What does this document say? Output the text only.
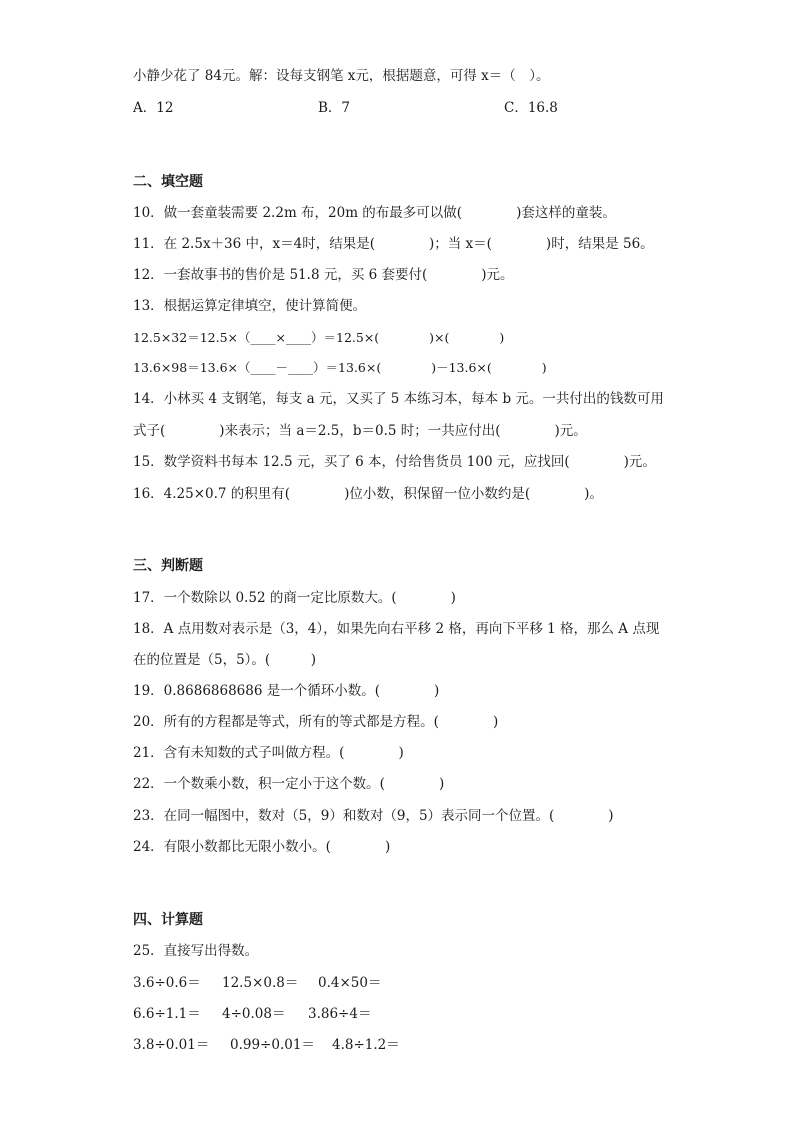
小静少花了 84元。解：设每支钢笔 x元，根据题意，可得 x＝（　）。
A．12	B．7	C．16.8
二、填空题
10．做一套童装需要 2.2m 布，20m 的布最多可以做(　　　　)套这样的童装。
11．在 2.5x＋36 中，x＝4时，结果是(　　　　)；当 x＝(　　　　)时，结果是 56。
12．一套故事书的售价是 51.8 元，买 6 套要付(　　　　)元。
13．根据运算定律填空，使计算简便。
12.5×32＝12.5×（____×____）＝12.5×(　　　　)×(　　　　)
13.6×98＝13.6×（____－____）＝13.6×(　　　　)－13.6×(　　　　)
14．小林买 4 支钢笔，每支 a 元，又买了 5 本练习本，每本 b 元。一共付出的钱数可用
式子(　　　　)来表示；当 a＝2.5，b＝0.5 时；一共应付出(　　　　)元。
15．数学资料书每本 12.5 元，买了 6 本，付给售货员 100 元，应找回(　　　　)元。
16．4.25×0.7 的积里有(　　　　)位小数，积保留一位小数约是(　　　　)。
三、判断题
17．一个数除以 0.52 的商一定比原数大。(　　　　)
18．A 点用数对表示是（3，4），如果先向右平移 2 格，再向下平移 1 格，那么 A 点现
在的位置是（5，5）。(　　　)
19．0.8686868686 是一个循环小数。(　　　　)
20．所有的方程都是等式，所有的等式都是方程。(　　　　)
21．含有未知数的式子叫做方程。(　　　　)
22．一个数乘小数，积一定小于这个数。(　　　　)
23．在同一幅图中，数对（5，9）和数对（9，5）表示同一个位置。(　　　　)
24．有限小数都比无限小数小。(　　　　)
四、计算题
25．直接写出得数。
3.6÷0.6＝ 12.5×0.8＝ 0.4×50＝
6.6÷1.1＝ 4÷0.08＝ 3.86÷4＝
3.8÷0.01＝ 0.99÷0.01＝ 4.8÷1.2＝
